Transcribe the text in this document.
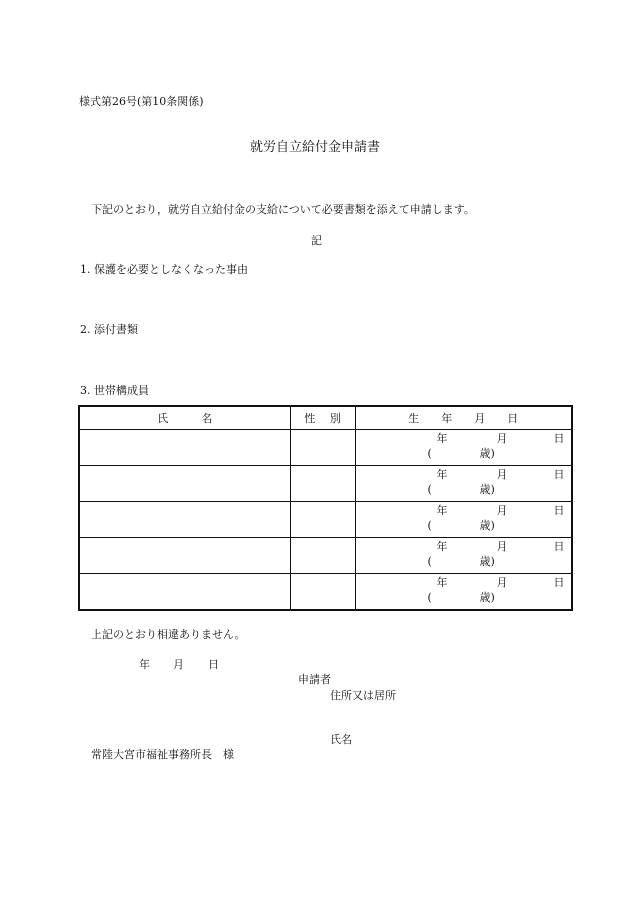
様式第26号(第10条関係)
就労自立給付金申請書
下記のとおり，就労自立給付金の支給について必要書類を添えて申請します。
記
1. 保護を必要としなくなった事由
2. 添付書類
3. 世帯構成員
氏　　　名	性　 別	生　　年　　月　　日

		年 月 日
( 歳)

		年 月 日
( 歳)

		年 月 日
( 歳)

		年 月 日
( 歳)

		年 月 日
( 歳)
上記のとおり相違ありません。
年 月 日
申請者
住所又は居所
氏名
常陸大宮市福祉事務所長　様
